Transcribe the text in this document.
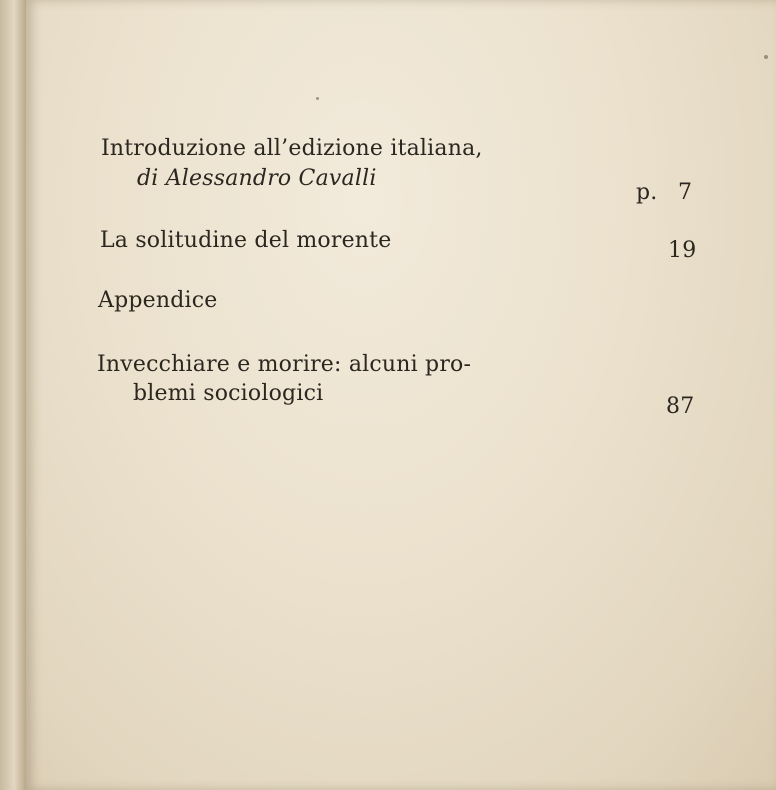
Introduzione all’edizione italiana,
di Alessandro Cavalli
p. 7
La solitudine del morente	19
Appendice
Invecchiare e morire: alcuni pro-
blemi sociologici
87
